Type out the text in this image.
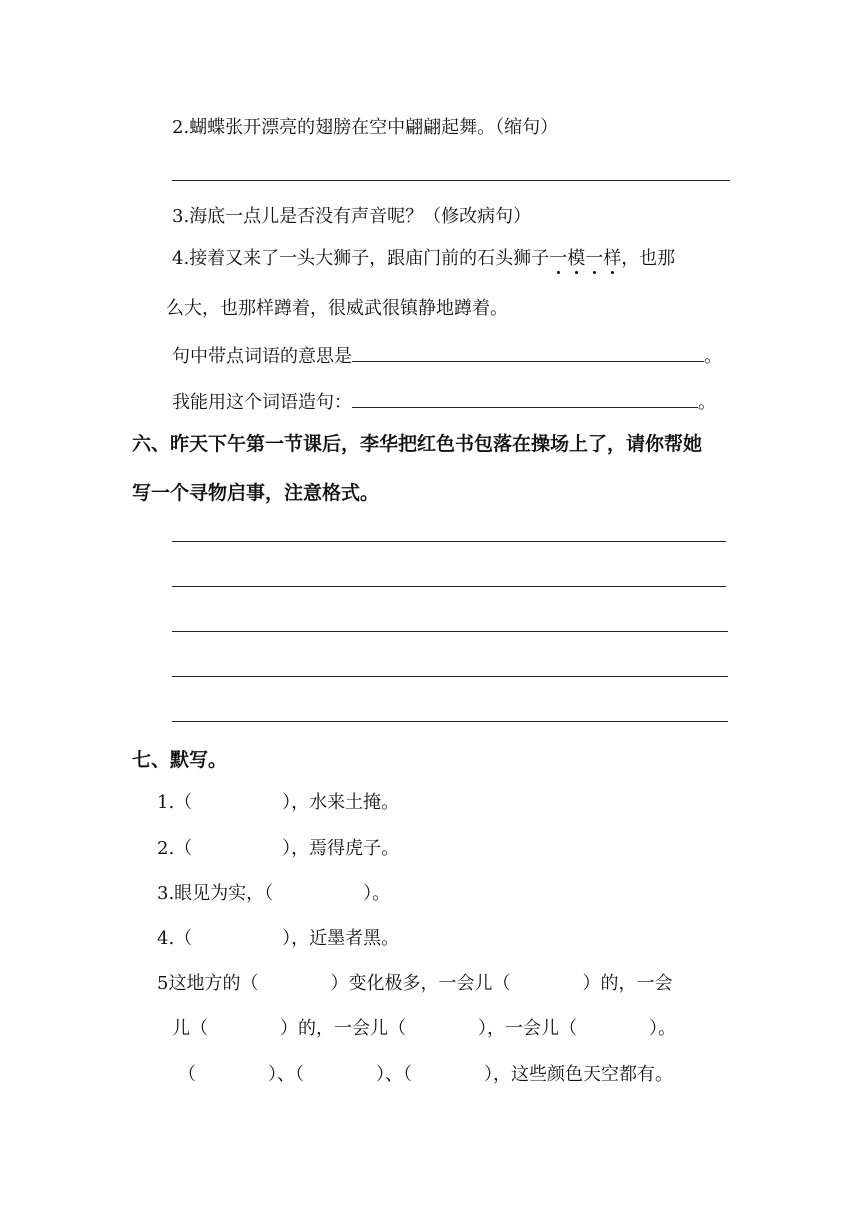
2.蝴蝶张开漂亮的翅膀在空中翩翩起舞。（缩句）
3.海底一点儿是否没有声音呢？（修改病句）
4.接着又来了一头大狮子，跟庙门前的石头狮子一模一样，也那
么大，也那样蹲着，很威武很镇静地蹲着。
句中带点词语的意思是	。
我能用这个词语造句：	。
六、昨天下午第一节课后，李华把红色书包落在操场上了，请你帮她
写一个寻物启事，注意格式。
七、默写。
1.（　　　　　），水来土掩。
2.（　　　　　），焉得虎子。
3.眼见为实，（　　　　　）。
4.（　　　　　），近墨者黑。
5这地方的（　　　　）变化极多，一会儿（　　　　）的，一会
儿（　　　　）的，一会儿（　　　　），一会儿（　　　　）。
（　　　　）、（　　　　）、（　　　　），这些颜色天空都有。
